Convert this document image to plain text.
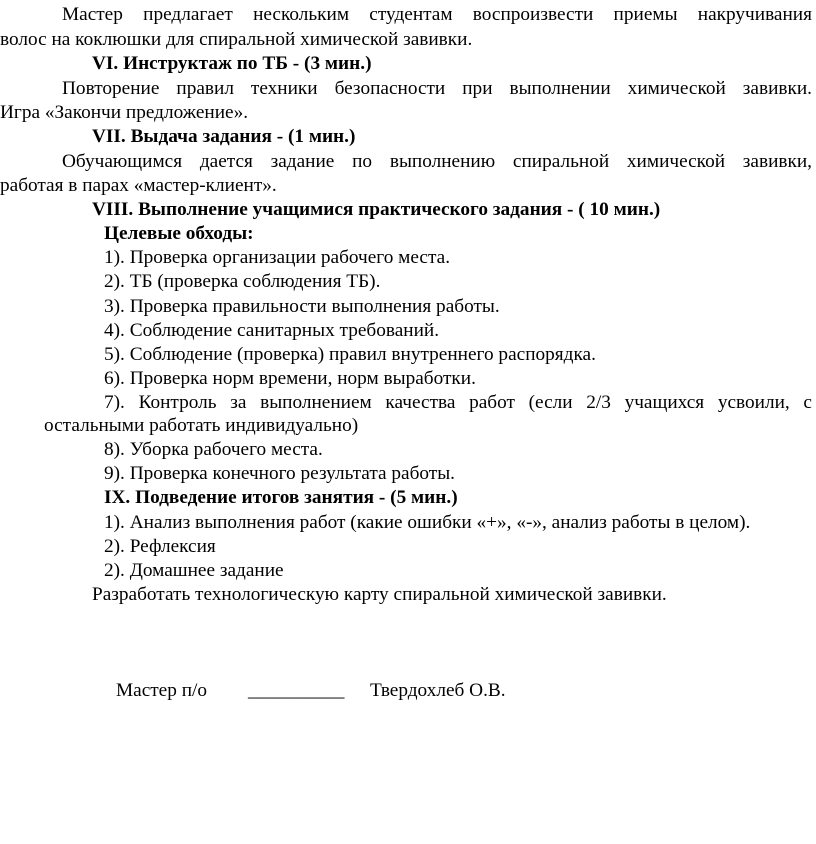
Мастер предлагает нескольким студентам воспроизвести приемы накручивания
волос на коклюшки для спиральной химической завивки.
VI. Инструктаж по ТБ - (3 мин.)
Повторение правил техники безопасности при выполнении химической завивки.
Игра «Закончи предложение».
VII. Выдача задания - (1 мин.)
Обучающимся дается задание по выполнению спиральной химической завивки,
работая в парах «мастер-клиент».
VIII. Выполнение учащимися практического задания - ( 10 мин.)
Целевые обходы:
1). Проверка организации рабочего места.
2). ТБ (проверка соблюдения ТБ).
3). Проверка правильности выполнения работы.
4). Соблюдение санитарных требований.
5). Соблюдение (проверка) правил внутреннего распорядка.
6). Проверка норм времени, норм выработки.
7). Контроль за выполнением качества работ (если 2/3 учащихся усвоили, с
остальными работать индивидуально)
8). Уборка рабочего места.
9). Проверка конечного результата работы.
IX. Подведение итогов занятия - (5 мин.)
1). Анализ выполнения работ (какие ошибки «+», «-», анализ работы в целом).
2). Рефлексия
2). Домашнее задание
Разработать технологическую карту спиральной химической завивки.
Мастер п/о __________ Твердохлеб О.В.
